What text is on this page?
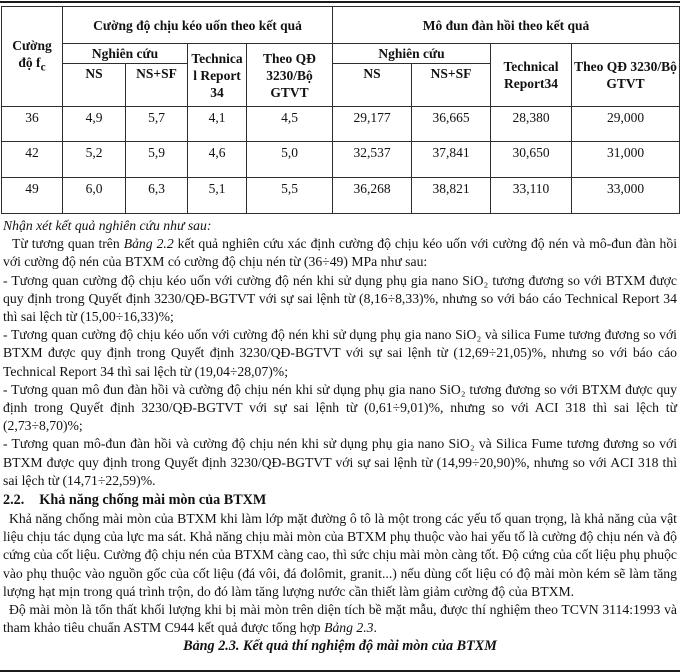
Cường độ $f_c$	Cường độ chịu kéo uốn theo kết quả				Mô đun đàn hồi theo kết quả			
	Nghiên cứu		Technical Report34	Theo QĐ 3230/Bộ GTVT	Nghiên cứu		Technical Report34	Theo QĐ 3230/Bộ GTVT
	NS	NS+SF			NS	NS+SF		
36	4,9	5,7	4,1	4,5	29,177	36,665	28,380	29,000
42	5,2	5,9	4,6	5,0	32,537	37,841	30,650	31,000
49	6,0	6,3	5,1	5,5	36,268	38,821	33,110	33,000

Nhận xét kết quả nghiên cứu như sau:

Từ tương quan trên Bảng 2.2 kết quả nghiên cứu xác định cường độ chịu kéo uốn với cường độ nén và mô-đun đàn hồi với cường độ nén của BTXM có cường độ chịu nén từ (36÷49) MPa như sau:

- Tương quan cường độ chịu kéo uốn với cường độ nén khi sử dụng phụ gia nano SiO₂ tương đương so với BTXM được quy định trong Quyết định 3230/QĐ-BGTVT với sự sai lệnh từ (8,16÷8,33)%, nhưng so với báo cáo Technical Report 34 thì sai lệch từ (15,00÷16,33)%;

- Tương quan cường độ chịu kéo uốn với cường độ nén khi sử dụng phụ gia nano SiO₂ và silica Fume tương đương so với BTXM được quy định trong Quyết định 3230/QĐ-BGTVT với sự sai lệnh từ (12,69÷21,05)%, nhưng so với báo cáo Technical Report 34 thì sai lệch từ (19,04÷28,07)%;

- Tương quan mô đun đàn hồi và cường độ chịu nén khi sử dụng phụ gia nano SiO₂ tương đương so với BTXM được quy định trong Quyết định 3230/QĐ-BGTVT với sự sai lệnh từ (0,61÷9,01)%, nhưng so với ACI 318 thì sai lệch từ (2,73÷8,70)%;

- Tương quan mô-đun đàn hồi và cường độ chịu nén khi sử dụng phụ gia nano SiO₂ và Silica Fume tương đương so với BTXM được quy định trong Quyết định 3230/QĐ-BGTVT với sự sai lệnh từ (14,99÷20,90)%, nhưng so với ACI 318 thì sai lệch từ (14,71÷22,59)%.

2.2. Khả năng chống mài mòn của BTXM

Khả năng chống mài mòn của BTXM khi làm lớp mặt đường ô tô là một trong các yếu tố quan trọng, là khả năng của vật liệu chịu tác dụng của lực ma sát. Khả năng chịu mài mòn của BTXM phụ thuộc vào hai yếu tố là cường độ chịu nén và độ cứng của cốt liệu. Cường độ chịu nén của BTXM càng cao, thì sức chịu mài mòn càng tốt. Độ cứng của cốt liệu phụ phuộc vào phụ thuộc vào nguồn gốc của cốt liệu (đá vôi, đá đolômit, granit...) nếu dùng cốt liệu có độ mài mòn kém sẽ làm tăng lượng hạt mịn trong quá trình trộn, do đó làm tăng lượng nước cần thiết làm giảm cường độ của BTXM.

Độ mài mòn là tổn thất khối lượng khi bị mài mòn trên diện tích bề mặt mẫu, được thí nghiệm theo TCVN 3114:1993 và tham khảo tiêu chuẩn ASTM C944 kết quả được tổng hợp Bảng 2.3.

Bảng 2.3. Kết quả thí nghiệm độ mài mòn của BTXM
